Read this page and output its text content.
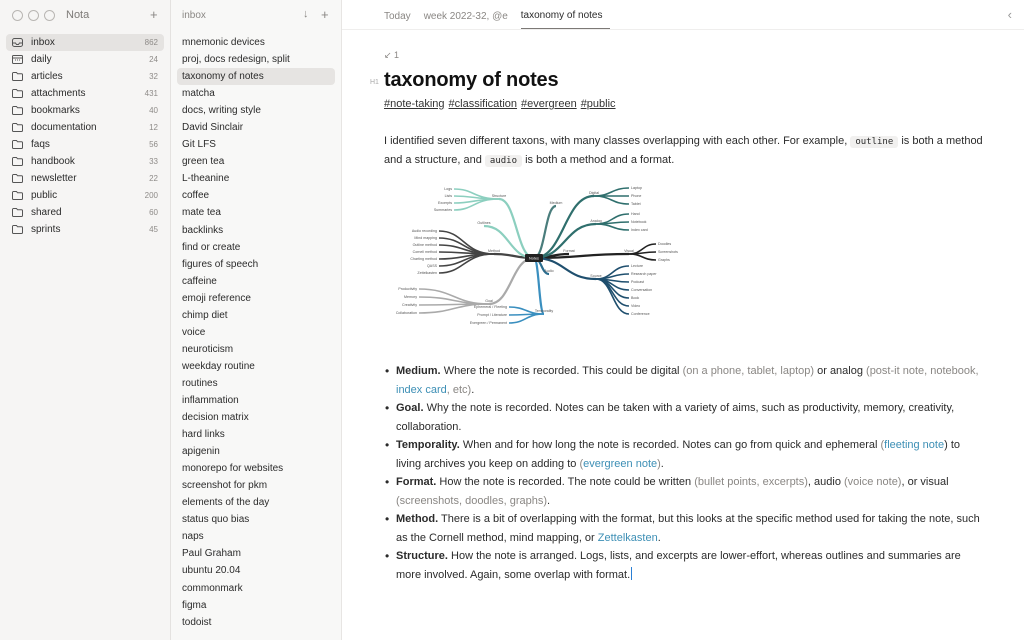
Nota	+
inbox	862
daily	24
articles	32
attachments	431
bookmarks	40
documentation	12
faqs	56
handbook	33
newsletter	22
public	200
shared	60
sprints	45
inbox	↓ +
mnemonic devices
proj, docs redesign, split
taxonomy of notes
matcha
docs, writing style
David Sinclair
Git LFS
green tea
L-theanine
coffee
mate tea
backlinks
find or create
figures of speech
caffeine
emoji reference
chimp diet
voice
neuroticism
weekday routine
routines
inflammation
decision matrix
hard links
apigenin
monorepo for websites
screenshot for pkm
elements of the day
status quo bias
naps
Paul Graham
ubuntu 20.04
commonmark
figma
todoist
Today	week 2022-32, @e	taxonomy of notes	‹
↙ 1
H1 taxonomy of notes
#note-taking #classification #evergreen #public

I identified seven different taxons, with many classes overlapping with each other. For example, outline is both a method and a structure, and audio is both a method and a format.

Structure
Medium
Method	Format
Goal
Temporality
Audio
Visual
Source
Digital
Analog
Outlines
Logs
Lists
Excerpts
Summaries
Audio recording
Mind mapping
Outline method
Cornell method
Charting method
QASS
Zettelkasten
Productivity
Memory
Creativity
Collaboration
Ephemeral / Fleeting
Prompt / Literature
Evergreen / Permanent
Laptop
Phone
Tablet
Hand
Notebook
Index card
Doodles
Screenshots
Graphs
Lecture
Research paper
Podcast
Conversation
Book
Video
Conference
Notes
• Medium. Where the note is recorded. This could be digital (on a phone, tablet, laptop) or analog (post-it note, notebook, index card, etc).
• Goal. Why the note is recorded. Notes can be taken with a variety of aims, such as productivity, memory, creativity, collaboration.
• Temporality. When and for how long the note is recorded. Notes can go from quick and ephemeral (fleeting note) to living archives you keep on adding to (evergreen note).
• Format. How the note is recorded. The note could be written (bullet points, excerpts), audio (voice note), or visual (screenshots, doodles, graphs).
• Method. There is a bit of overlapping with the format, but this looks at the specific method used for taking the note, such as the Cornell method, mind mapping, or Zettelkasten.
• Structure. How the note is arranged. Logs, lists, and excerpts are lower-effort, whereas outlines and summaries are more involved. Again, some overlap with format.
